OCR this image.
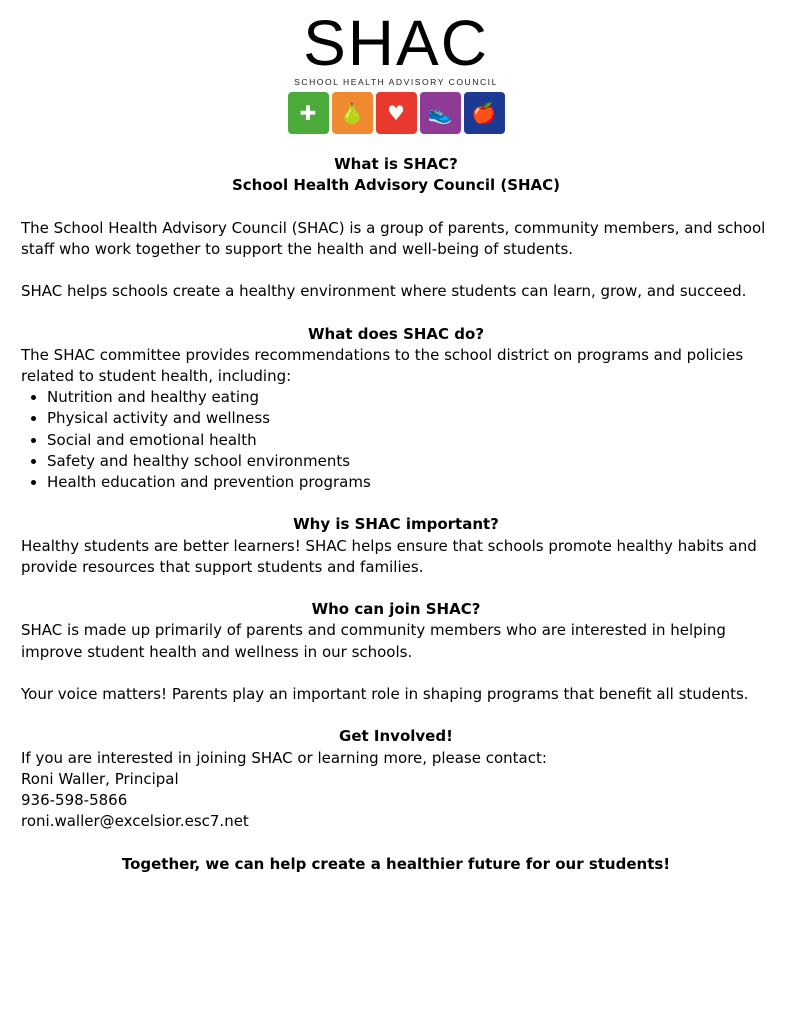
SHAC
SCHOOL HEALTH ADVISORY COUNCIL
✚	🍐	♥	👟 🍎
What is SHAC?
School Health Advisory Council (SHAC)
The School Health Advisory Council (SHAC) is a group of parents, community members, and school staff who work together to support the health and well-being of students.
SHAC helps schools create a healthy environment where students can learn, grow, and succeed.
What does SHAC do?
The SHAC committee provides recommendations to the school district on programs and policies related to student health, including:
• Nutrition and healthy eating
• Physical activity and wellness
• Social and emotional health
• Safety and healthy school environments
• Health education and prevention programs
Why is SHAC important?
Healthy students are better learners! SHAC helps ensure that schools promote healthy habits and provide resources that support students and families.
Who can join SHAC?
SHAC is made up primarily of parents and community members who are interested in helping improve student health and wellness in our schools.
Your voice matters! Parents play an important role in shaping programs that benefit all students.
Get Involved!
If you are interested in joining SHAC or learning more, please contact:
Roni Waller, Principal
936-598-5866
roni.waller@excelsior.esc7.net
Together, we can help create a healthier future for our students!
